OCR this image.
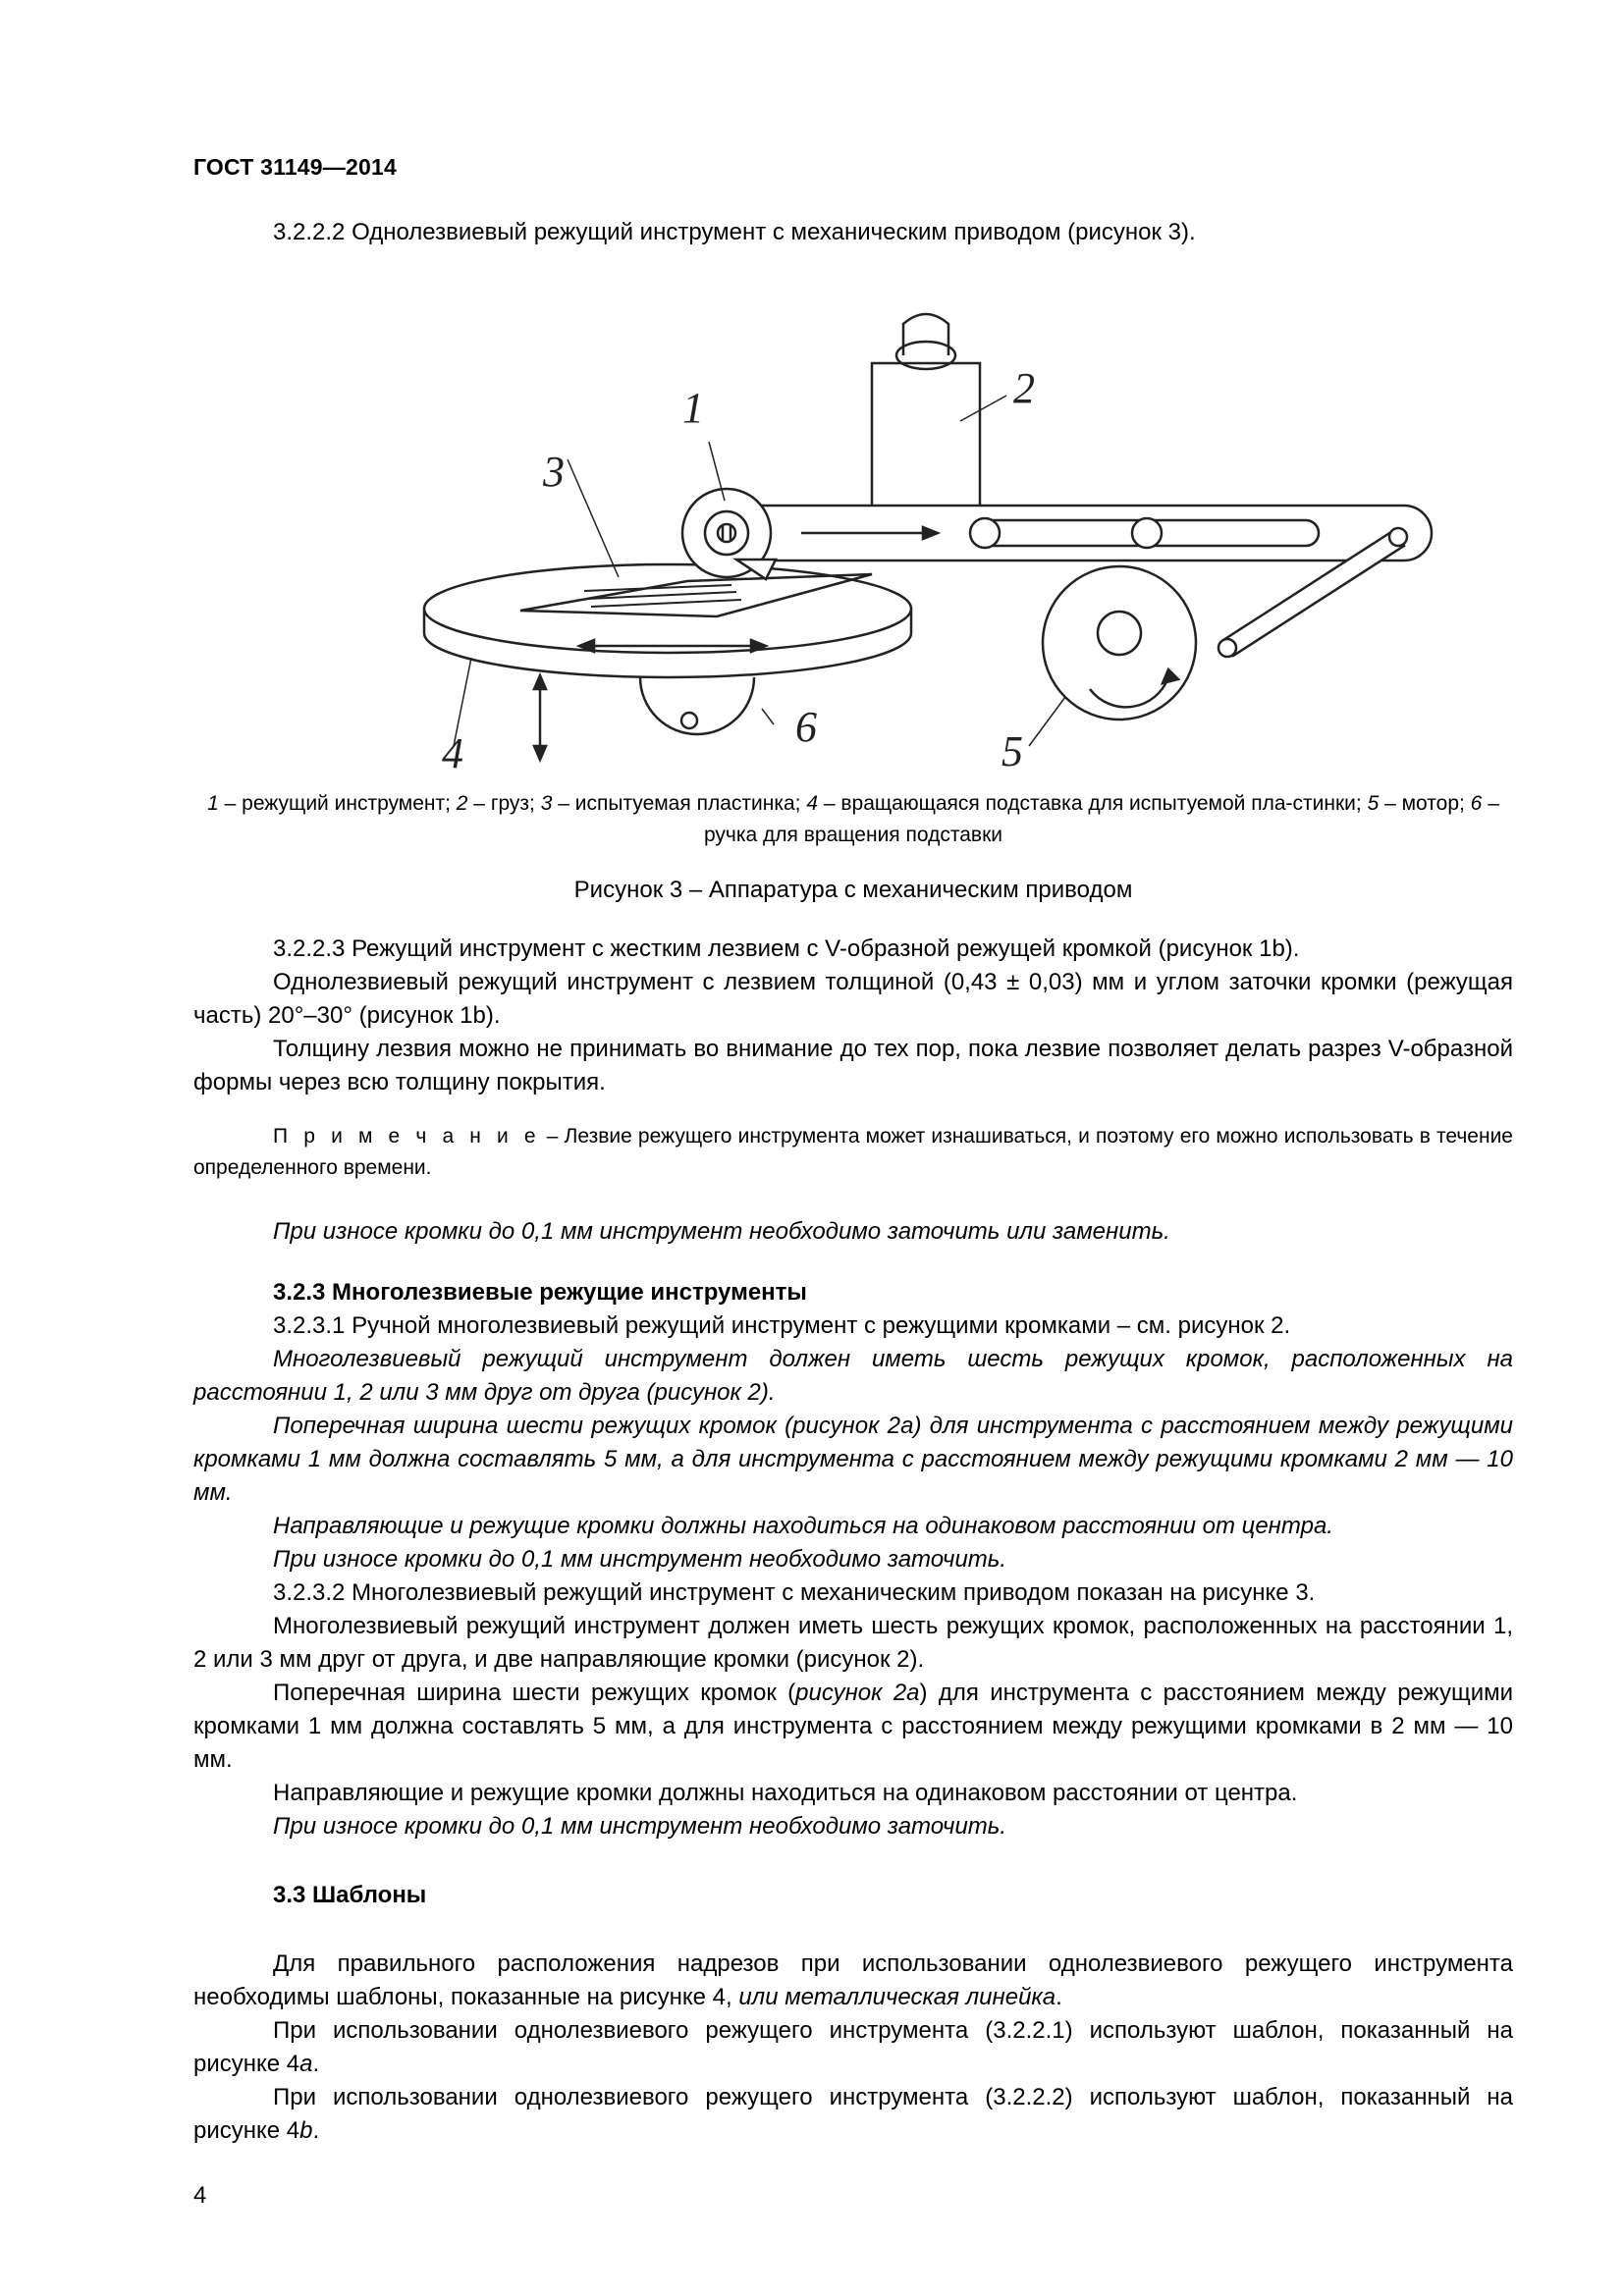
ГОСТ 31149—2014

3.2.2.2 Однолезвиевый режущий инструмент с механическим приводом (рисунок 3).

1	2
3
4	5
6
1 – режущий инструмент; 2 – груз; 3 – испытуемая пластинка; 4 – вращающаяся подставка для испытуемой пла-стинки; 5 – мотор; 6 – ручка для вращения подставки
Рисунок 3 – Аппаратура с механическим приводом

3.2.2.3 Режущий инструмент с жестким лезвием с V-образной режущей кромкой (рисунок 1b).

Однолезвиевый режущий инструмент с лезвием толщиной (0,43 ± 0,03) мм и углом заточки кромки (режущая часть) 20°–30° (рисунок 1b).

Толщину лезвия можно не принимать во внимание до тех пор, пока лезвие позволяет делать разрез V-образной формы через всю толщину покрытия.

П р и м е ч а н и е – Лезвие режущего инструмента может изнашиваться, и поэтому его можно использовать в течение определенного времени.

При износе кромки до 0,1 мм инструмент необходимо заточить или заменить.

3.2.3 Многолезвиевые режущие инструменты

3.2.3.1 Ручной многолезвиевый режущий инструмент с режущими кромками – см. рисунок 2.

Многолезвиевый режущий инструмент должен иметь шесть режущих кромок, расположенных на расстоянии 1, 2 или 3 мм друг от друга (рисунок 2).

Поперечная ширина шести режущих кромок (рисунок 2а) для инструмента с расстоянием между режущими кромками 1 мм должна составлять 5 мм, а для инструмента с расстоянием между режущими кромками 2 мм — 10 мм.

Направляющие и режущие кромки должны находиться на одинаковом расстоянии от центра.

При износе кромки до 0,1 мм инструмент необходимо заточить.

3.2.3.2 Многолезвиевый режущий инструмент с механическим приводом показан на рисунке 3.

Многолезвиевый режущий инструмент должен иметь шесть режущих кромок, расположенных на расстоянии 1, 2 или 3 мм друг от друга, и две направляющие кромки (рисунок 2).

Поперечная ширина шести режущих кромок (рисунок 2а) для инструмента с расстоянием между режущими кромками 1 мм должна составлять 5 мм, а для инструмента с расстоянием между режущими кромками в 2 мм — 10 мм.

Направляющие и режущие кромки должны находиться на одинаковом расстоянии от центра.

При износе кромки до 0,1 мм инструмент необходимо заточить.

3.3 Шаблоны

Для правильного расположения надрезов при использовании однолезвиевого режущего инструмента необходимы шаблоны, показанные на рисунке 4, или металлическая линейка.

При использовании однолезвиевого режущего инструмента (3.2.2.1) используют шаблон, показанный на рисунке 4а.

При использовании однолезвиевого режущего инструмента (3.2.2.2) используют шаблон, показанный на рисунке 4b.

4
